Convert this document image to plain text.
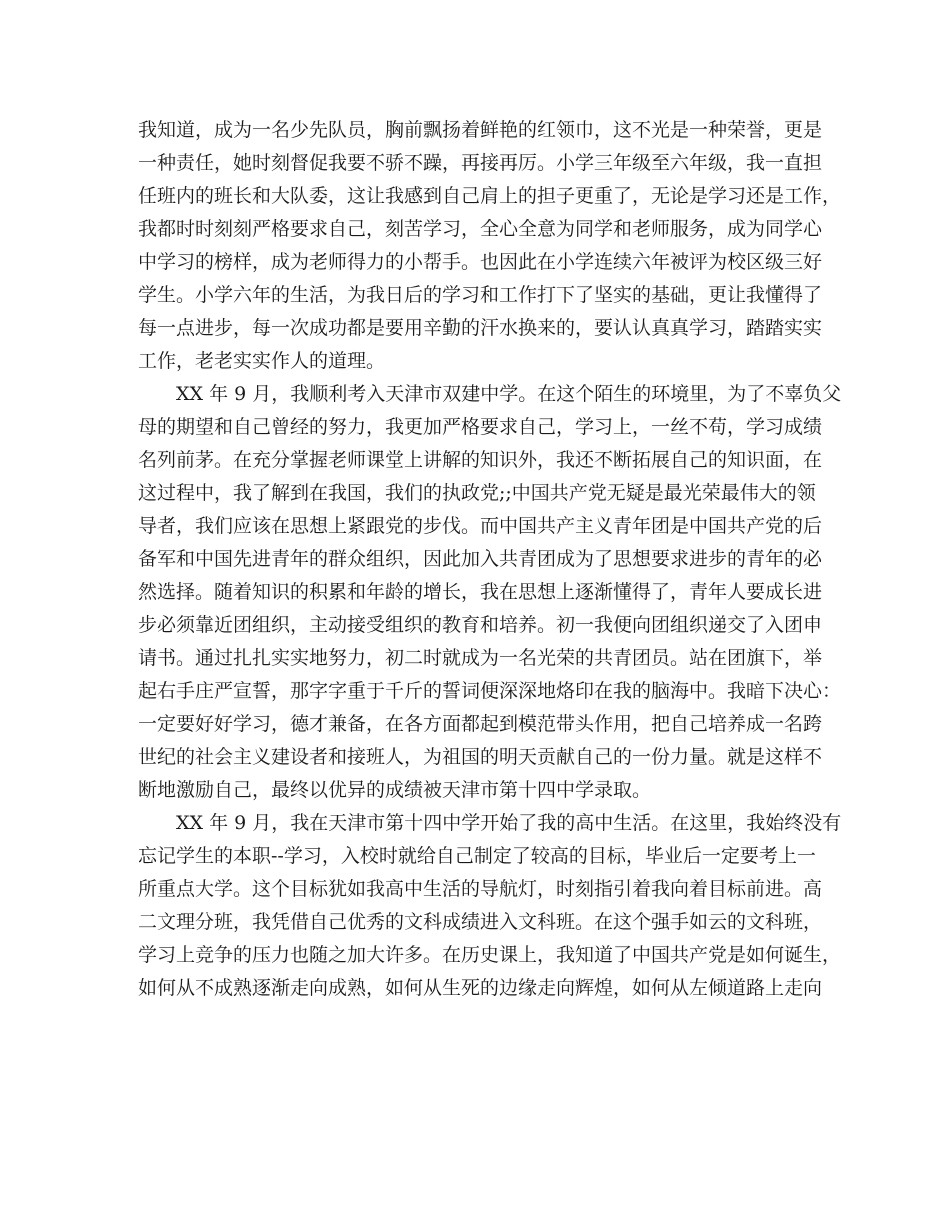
我知道，成为一名少先队员，胸前飘扬着鲜艳的红领巾，这不光是一种荣誉，更是
一种责任，她时刻督促我要不骄不躁，再接再厉。小学三年级至六年级，我一直担
任班内的班长和大队委，这让我感到自己肩上的担子更重了，无论是学习还是工作，
我都时时刻刻严格要求自己，刻苦学习，全心全意为同学和老师服务，成为同学心
中学习的榜样，成为老师得力的小帮手。也因此在小学连续六年被评为校区级三好
学生。小学六年的生活，为我日后的学习和工作打下了坚实的基础，更让我懂得了
每一点进步，每一次成功都是要用辛勤的汗水换来的，要认认真真学习，踏踏实实
工作，老老实实作人的道理。
　　XX 年 9 月，我顺利考入天津市双建中学。在这个陌生的环境里，为了不辜负父
母的期望和自己曾经的努力，我更加严格要求自己，学习上，一丝不苟，学习成绩
名列前茅。在充分掌握老师课堂上讲解的知识外，我还不断拓展自己的知识面，在
这过程中，我了解到在我国，我们的执政党;;中国共产党无疑是最光荣最伟大的领
导者，我们应该在思想上紧跟党的步伐。而中国共产主义青年团是中国共产党的后
备军和中国先进青年的群众组织，因此加入共青团成为了思想要求进步的青年的必
然选择。随着知识的积累和年龄的增长，我在思想上逐渐懂得了，青年人要成长进
步必须靠近团组织，主动接受组织的教育和培养。初一我便向团组织递交了入团申
请书。通过扎扎实实地努力，初二时就成为一名光荣的共青团员。站在团旗下，举
起右手庄严宣誓，那字字重于千斤的誓词便深深地烙印在我的脑海中。我暗下决心：
一定要好好学习，德才兼备，在各方面都起到模范带头作用，把自己培养成一名跨
世纪的社会主义建设者和接班人，为祖国的明天贡献自己的一份力量。就是这样不
断地激励自己，最终以优异的成绩被天津市第十四中学录取。
　　XX 年 9 月，我在天津市第十四中学开始了我的高中生活。在这里，我始终没有
忘记学生的本职--学习，入校时就给自己制定了较高的目标，毕业后一定要考上一
所重点大学。这个目标犹如我高中生活的导航灯，时刻指引着我向着目标前进。高
二文理分班，我凭借自己优秀的文科成绩进入文科班。在这个强手如云的文科班，
学习上竞争的压力也随之加大许多。在历史课上，我知道了中国共产党是如何诞生，
如何从不成熟逐渐走向成熟，如何从生死的边缘走向辉煌，如何从左倾道路上走向
